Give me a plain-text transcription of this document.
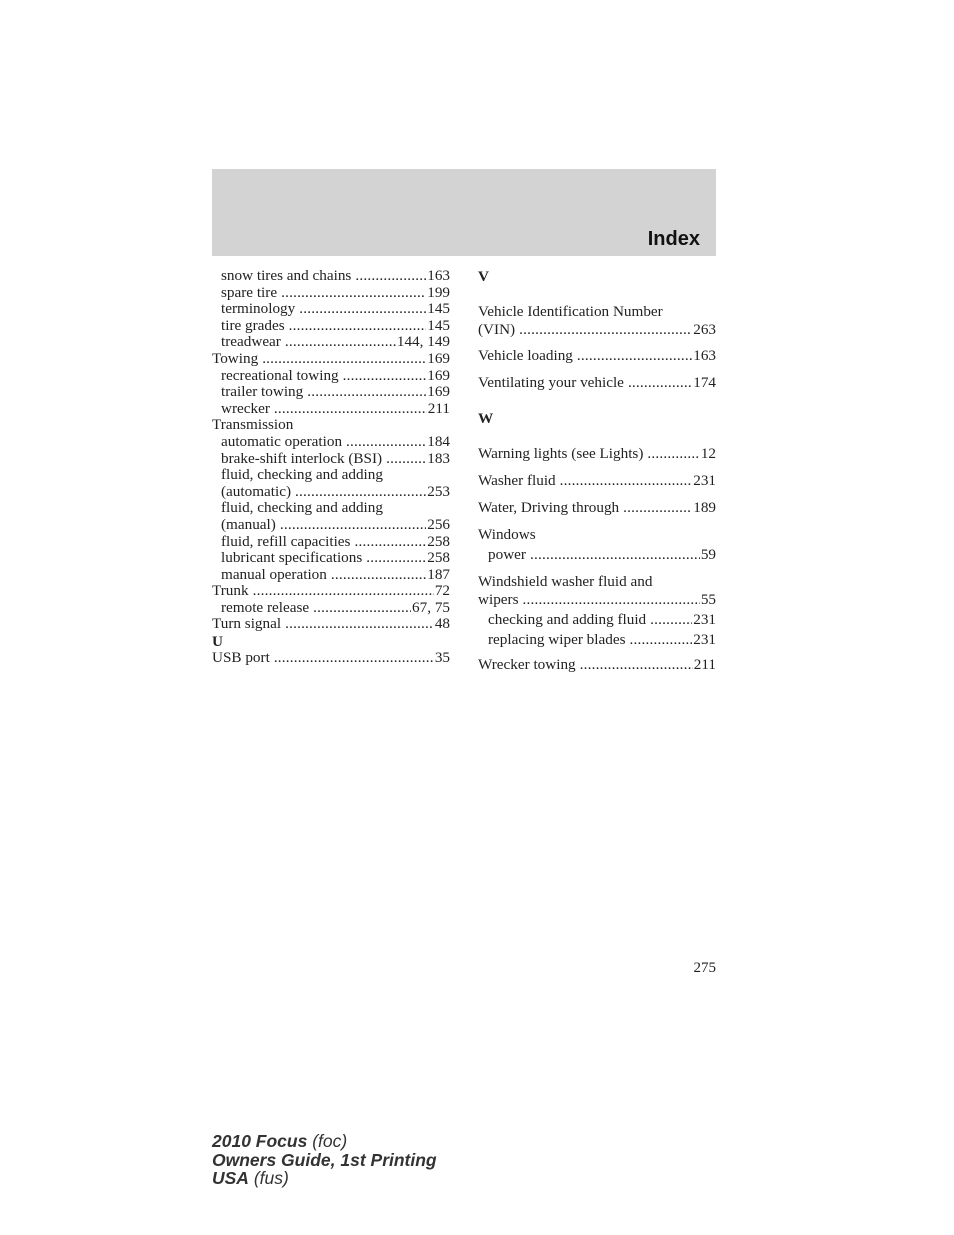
Index
snow tires and chains .....	163
spare tire .....	199
terminology .....	145
tire grades .....	145
treadwear .....	144, 149
Towing .....	169
recreational towing .....	169
trailer towing .....	169
wrecker .....	211
Transmission
automatic operation .....	184
brake-shift interlock (BSI) .....	183
fluid, checking and adding
(automatic) .....	253
fluid, checking and adding
(manual) .....	256
fluid, refill capacities .....	258
lubricant specifications .....	258
manual operation .....	187
Trunk .....	72
remote release .....	67, 75
Turn signal .....	48
U
USB port .....	35
V
Vehicle Identification Number
(VIN) .....	263
Vehicle loading .....	163
Ventilating your vehicle .....	174
W
Warning lights (see Lights) .....	12
Washer fluid .....	231
Water, Driving through .....	189
Windows
power .....	59
Windshield washer fluid and
wipers .....	55
checking and adding fluid .....	231
replacing wiper blades .....	231
Wrecker towing .....	211
275
2010 Focus (foc)
Owners Guide, 1st Printing
USA (fus)
